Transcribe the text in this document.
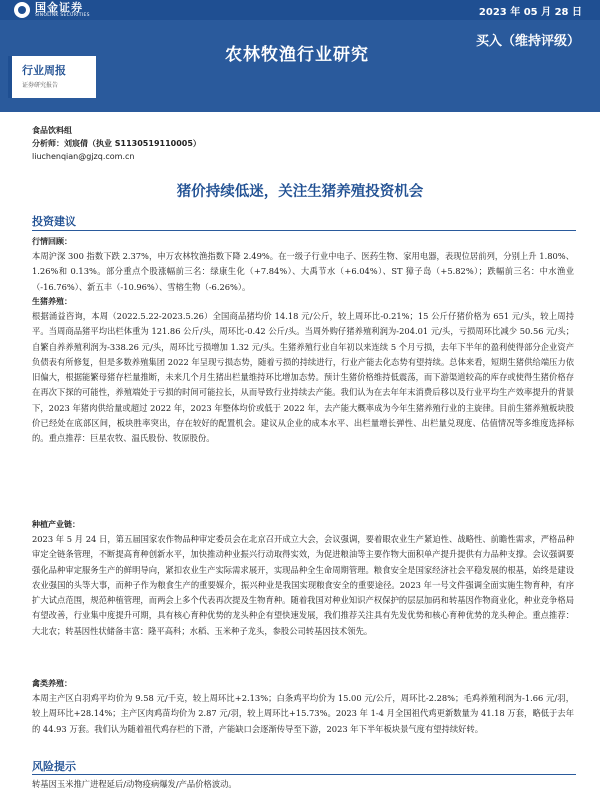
国金证券
SINOLINK SECURITIES	2023 年 05 月 28 日
农林牧渔行业研究
买入（维持评级）
行业周报
证券研究报告
食品饮料组
分析师：刘宸倩（执业 S1130519110005）
liuchenqian@gjzq.com.cn
猪价持续低迷，关注生猪养殖投资机会
投资建议
行情回顾：

本周沪深 300 指数下跌 2.37%，申万农林牧渔指数下降 2.49%。在一级子行业中电子、医药生物、家用电器，表现位居前列，分别上升 1.80%、1.26%和 0.13%。部分重点个股涨幅前三名：绿康生化（+7.84%）、大禹节水（+6.04%）、ST 獐子岛（+5.82%）；跌幅前三名：中水渔业（-16.76%）、新五丰（-10.96%）、雪榕生物（-6.26%）。

生猪养殖：

根据涌益咨询，本周（2022.5.22-2023.5.26）全国商品猪均价 14.18 元/公斤，较上周环比-0.21%；15 公斤仔猪价格为 651 元/头，较上周持平。当周商品猪平均出栏体重为 121.86 公斤/头，周环比-0.42 公斤/头。当周外购仔猪养殖利润为-204.01 元/头，亏损周环比减少 50.56 元/头；自繁自养养殖利润为-338.26 元/头，周环比亏损增加 1.32 元/头。生猪养殖行业自年初以来连续 5 个月亏损，去年下半年的盈利使得部分企业资产负债表有所修复，但是多数养殖集团 2022 年呈现亏损态势，随着亏损的持续进行，行业产能去化态势有望持续。总体来看，短期生猪供给端压力依旧偏大，根据能繁母猪存栏量推断，未来几个月生猪出栏量维持环比增加态势。预计生猪价格维持低震荡，而下游渠道较高的库存或使得生猪价格存在再次下探的可能性，养殖端处于亏损的时间可能拉长，从而导致行业持续去产能。我们认为在去年年末消费后移以及行业平均生产效率提升的背景下，2023 年猪肉供给量或超过 2022 年，2023 年整体均价或低于 2022 年，去产能大概率成为今年生猪养殖行业的主旋律。目前生猪养殖板块股价已经处在底部区间，板块胜率突出，存在较好的配置机会。建议从企业的成本水平、出栏量增长弹性、出栏量兑现度、估值情况等多维度选择标的。重点推荐：巨星农牧、温氏股份、牧原股份。

种植产业链：

2023 年 5 月 24 日，第五届国家农作物品种审定委员会在北京召开成立大会，会议强调，要着眼农业生产紧迫性、战略性、前瞻性需求，严格品种审定全链条管理，不断提高育种创新水平，加快推动种业振兴行动取得实效，为促进粮油等主要作物大面积单产提升提供有力品种支撑。会议强调要强化品种审定服务生产的鲜明导向，紧扣农业生产实际需求展开，实现品种全生命周期管理。粮食安全是国家经济社会平稳发展的根基，始终是建设农业强国的头等大事，而种子作为粮食生产的重要媒介，振兴种业是我国实现粮食安全的重要途径。2023 年一号文件强调全面实施生物育种，有序扩大试点范围，规范种植管理，而两会上多个代表再次提及生物育种。随着我国对种业知识产权保护的层层加码和转基因作物商业化，种业竞争格局有望改善，行业集中度提升可期，具有核心育种优势的龙头种企有望快速发展，我们推荐关注具有先发优势和核心育种优势的龙头种企。重点推荐：大北农；转基因性状储备丰富：隆平高科；水稻、玉米种子龙头，参股公司转基因技术领先。

禽类养殖：

本周主产区白羽鸡平均价为 9.58 元/千克，较上周环比+2.13%；白条鸡平均价为 15.00 元/公斤，周环比-2.28%；毛鸡养殖利润为-1.66 元/羽，较上周环比+28.14%；主产区肉鸡苗均价为 2.87 元/羽，较上周环比+15.73%。2023 年 1-4 月全国祖代鸡更新数量为 41.18 万套，略低于去年的 44.93 万套。我们认为随着祖代鸡存栏的下滑，产能缺口会逐渐传导至下游，2023 年下半年板块景气度有望持续好转。

风险提示

转基因玉米推广进程延后/动物疫病爆发/产品价格波动。
